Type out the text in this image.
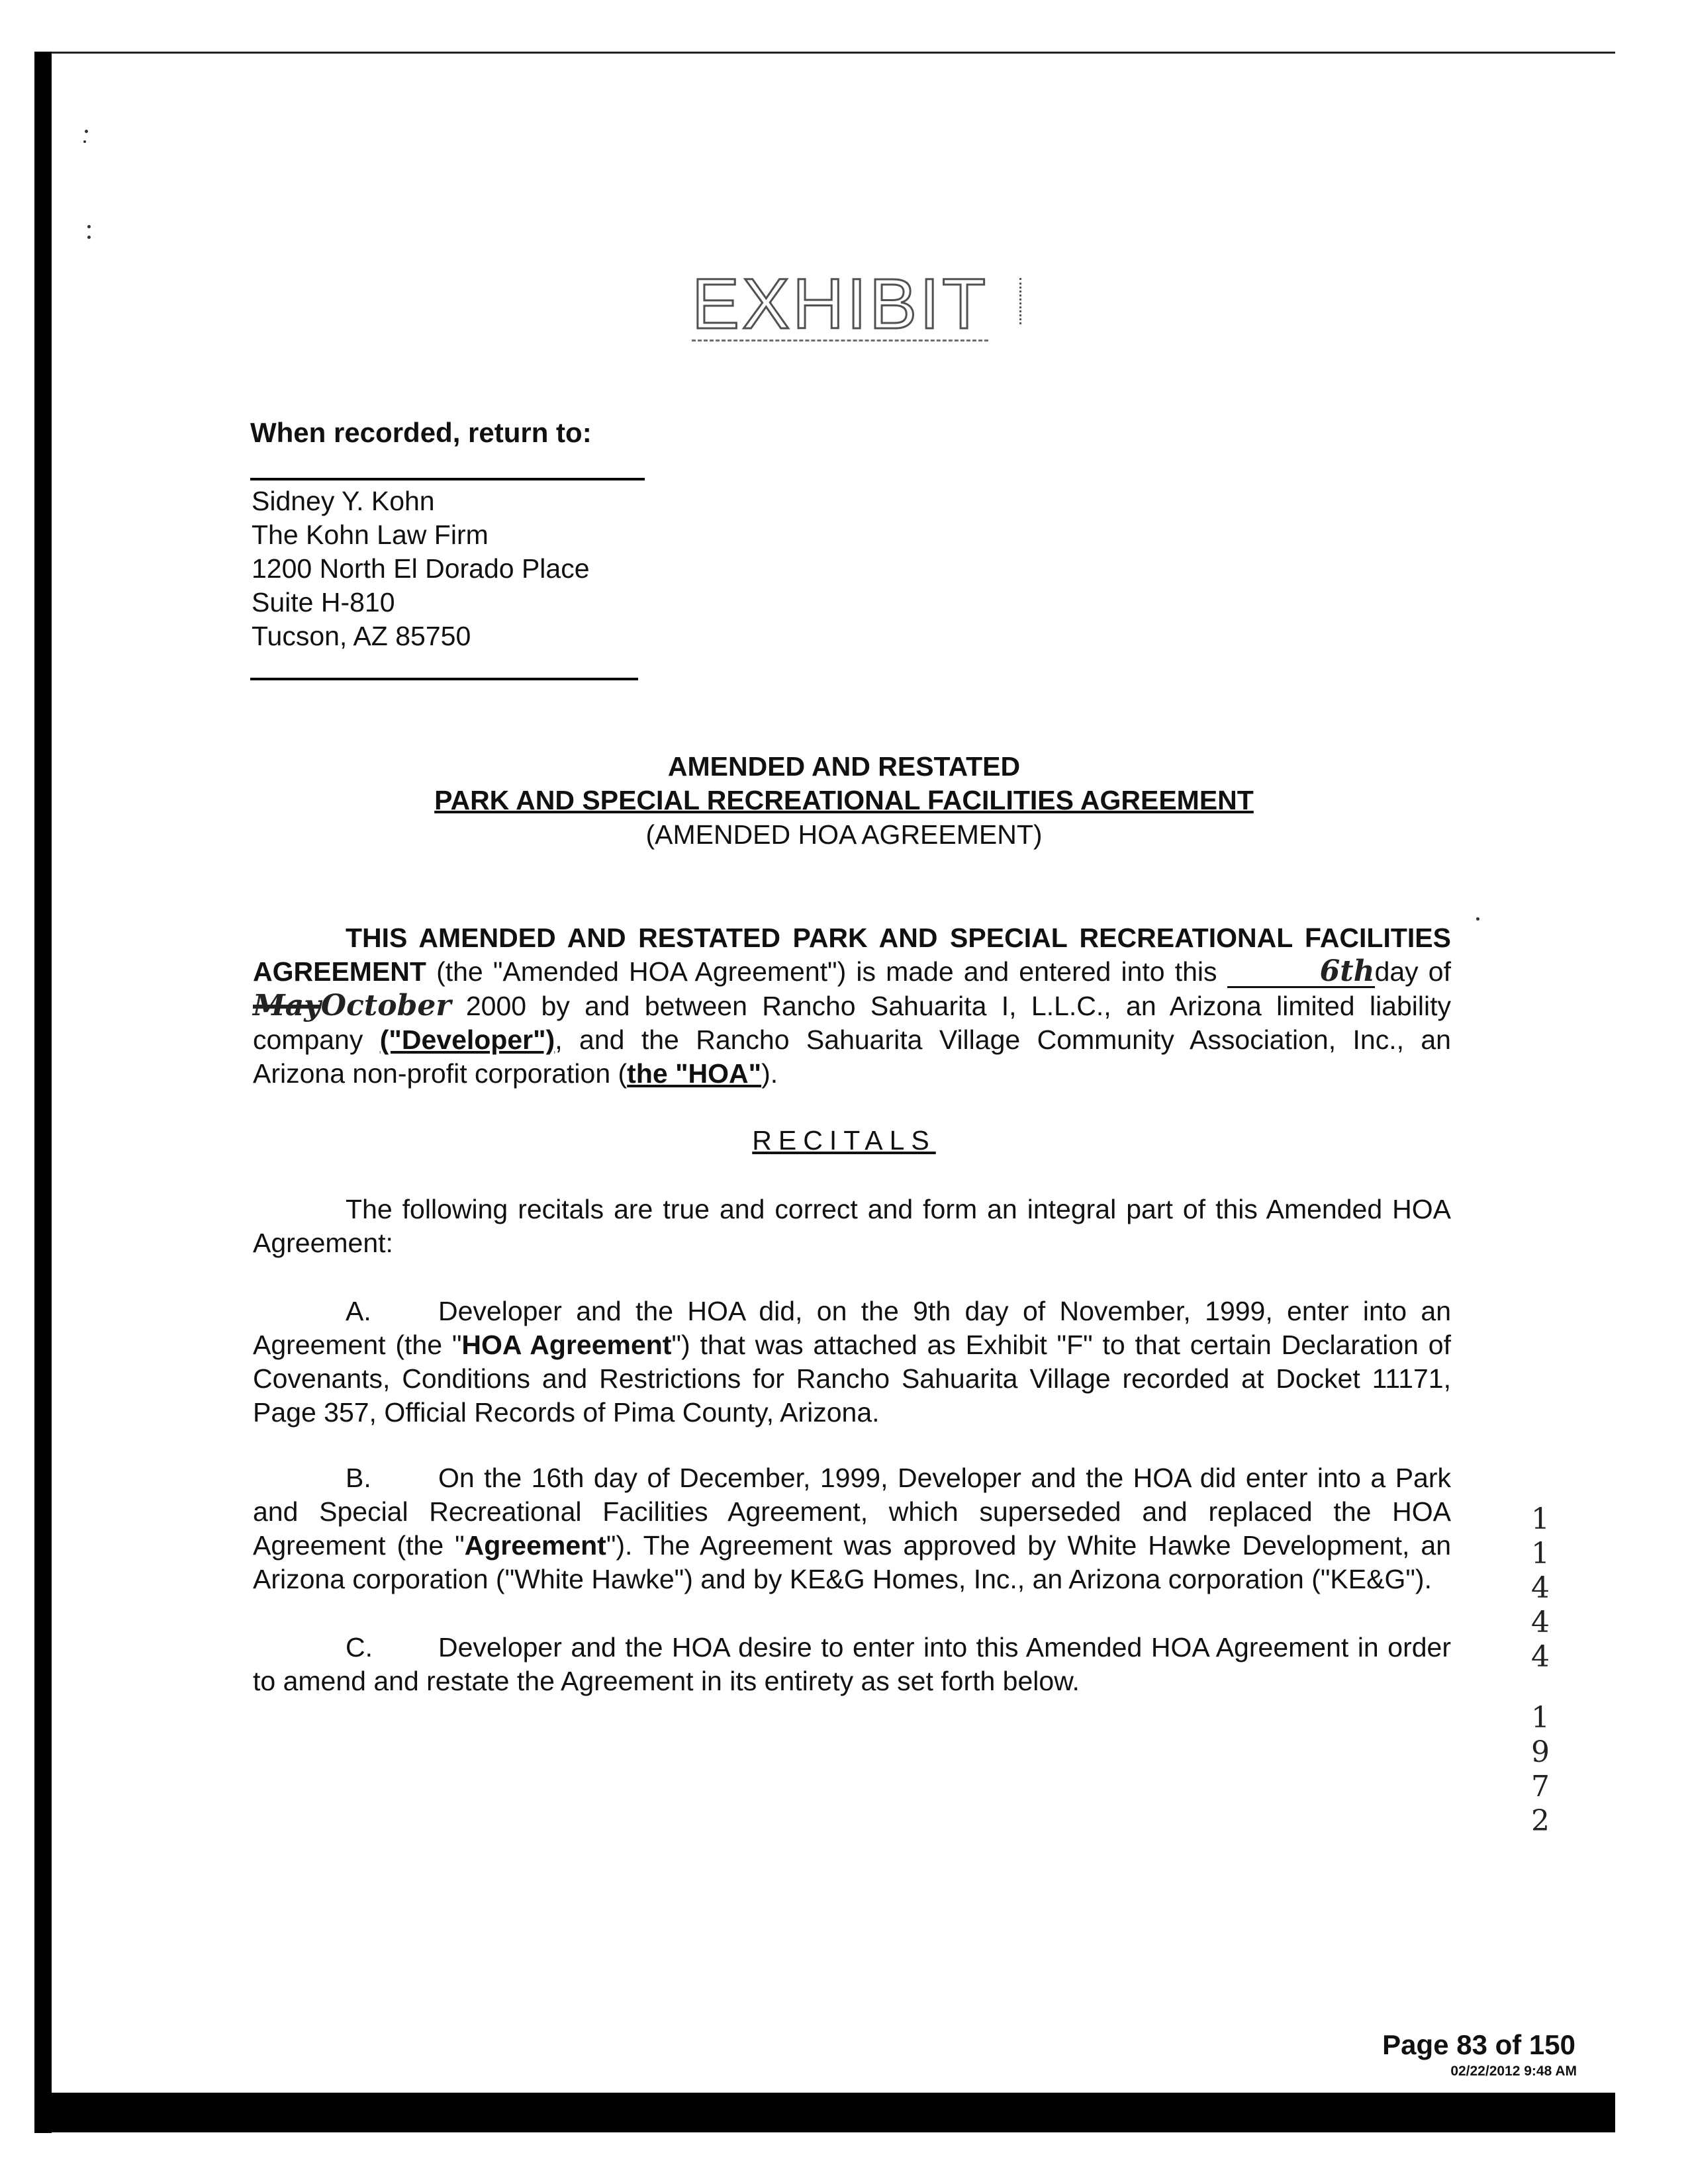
EXHIBIT
When recorded, return to:
Sidney Y. Kohn
The Kohn Law Firm
1200 North El Dorado Place
Suite H-810
Tucson, AZ 85750
AMENDED AND RESTATED
PARK AND SPECIAL RECREATIONAL FACILITIES AGREEMENT
(AMENDED HOA AGREEMENT)
THIS AMENDED AND RESTATED PARK AND SPECIAL RECREATIONAL FACILITIES AGREEMENT (the "Amended HOA Agreement") is made and entered into this	6thday of MayOctober 2000 by and between Rancho Sahuarita I, L.L.C., an Arizona limited liability company ("Developer"), and the Rancho Sahuarita Village Community Association, Inc., an Arizona non-profit corporation (the "HOA").
RECITALS
The following recitals are true and correct and form an integral part of this Amended HOA Agreement:
A. Developer and the HOA did, on the 9th day of November, 1999, enter into an Agreement (the "HOA Agreement") that was attached as Exhibit "F" to that certain Declaration of Covenants, Conditions and Restrictions for Rancho Sahuarita Village recorded at Docket 11171, Page 357, Official Records of Pima County, Arizona.
B. On the 16th day of December, 1999, Developer and the HOA did enter into a Park and Special Recreational Facilities Agreement, which superseded and replaced the HOA Agreement (the "Agreement"). The Agreement was approved by White Hawke Development, an Arizona corporation ("White Hawke") and by KE&G Homes, Inc., an Arizona corporation ("KE&G").
C. Developer and the HOA desire to enter into this Amended HOA Agreement in order to amend and restate the Agreement in its entirety as set forth below.
1
1
4
4
4
1
9
7
2
Page 83 of 150
02/22/2012 9:48 AM
